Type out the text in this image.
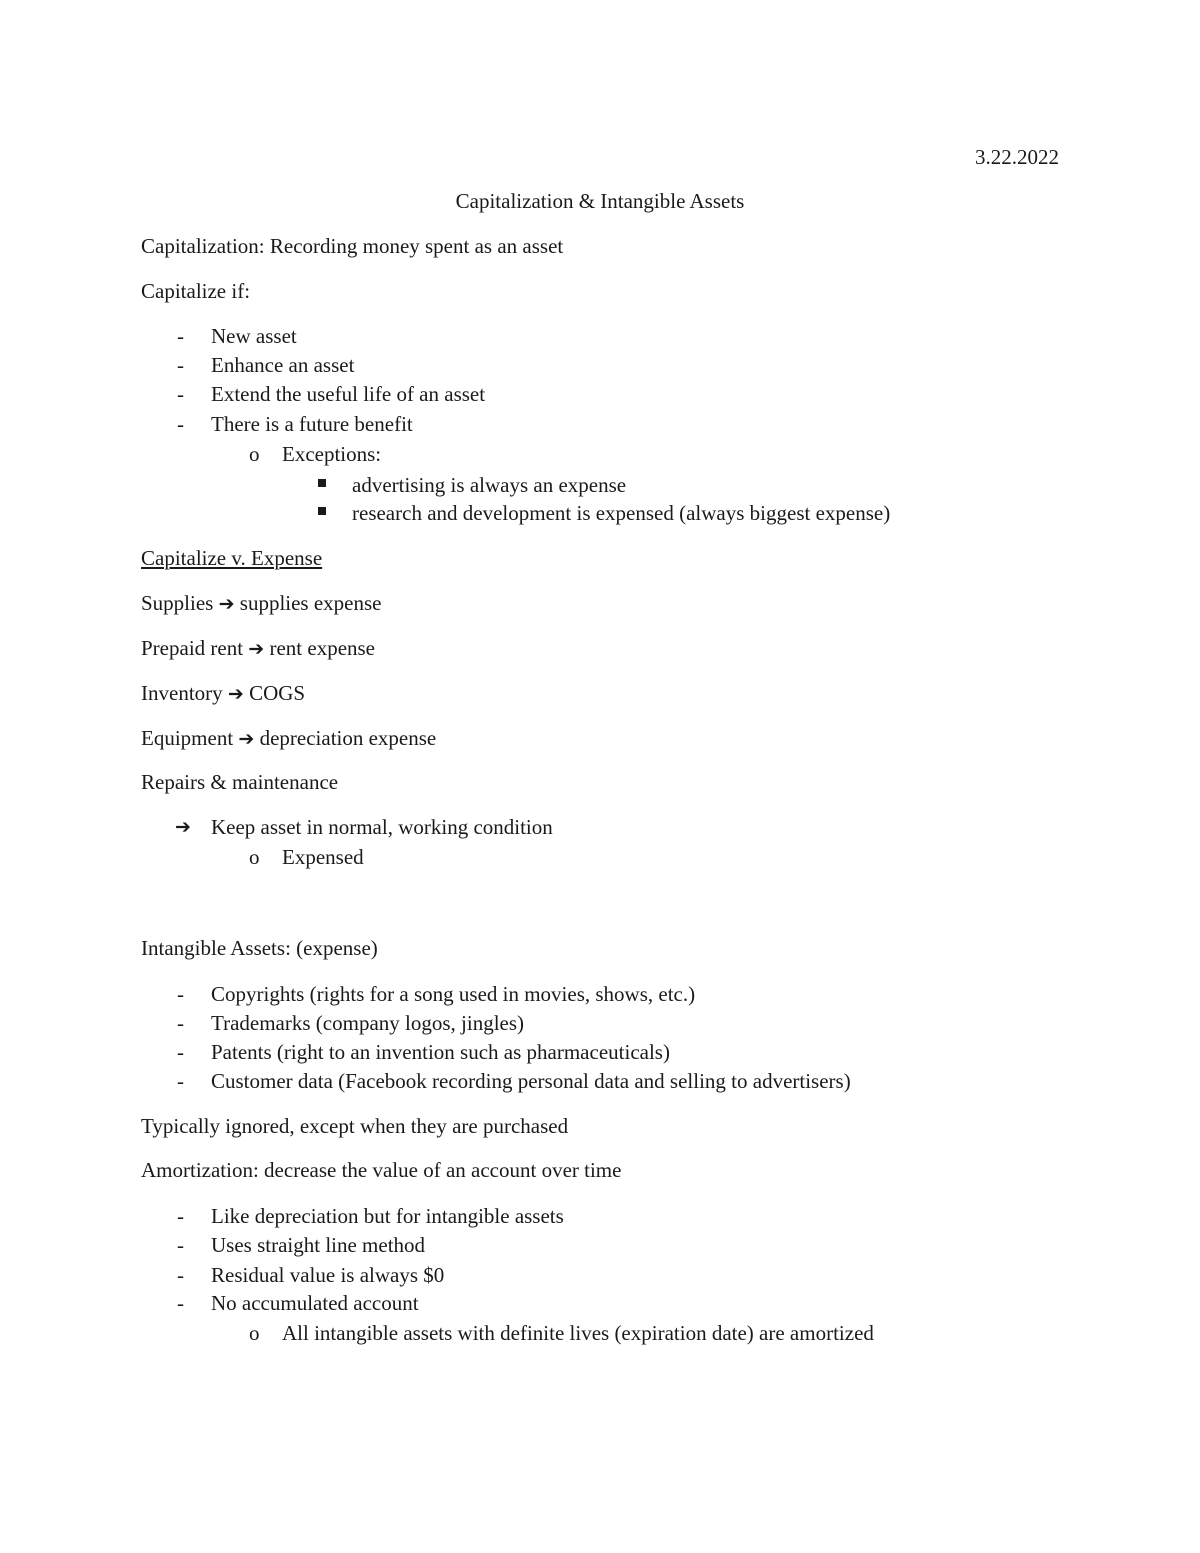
3.22.2022
Capitalization & Intangible Assets
Capitalization: Recording money spent as an asset
Capitalize if:
- New asset
- Enhance an asset
- Extend the useful life of an asset
- There is a future benefit
o Exceptions:
advertising is always an expense
research and development is expensed (always biggest expense)
Capitalize v. Expense
Supplies ➔ supplies expense
Prepaid rent ➔ rent expense
Inventory ➔ COGS
Equipment ➔ depreciation expense
Repairs & maintenance
➔ Keep asset in normal, working condition
o Expensed
Intangible Assets: (expense)
- Copyrights (rights for a song used in movies, shows, etc.)
- Trademarks (company logos, jingles)
- Patents (right to an invention such as pharmaceuticals)
- Customer data (Facebook recording personal data and selling to advertisers)
Typically ignored, except when they are purchased
Amortization: decrease the value of an account over time
- Like depreciation but for intangible assets
- Uses straight line method
- Residual value is always $0
- No accumulated account
o All intangible assets with definite lives (expiration date) are amortized
